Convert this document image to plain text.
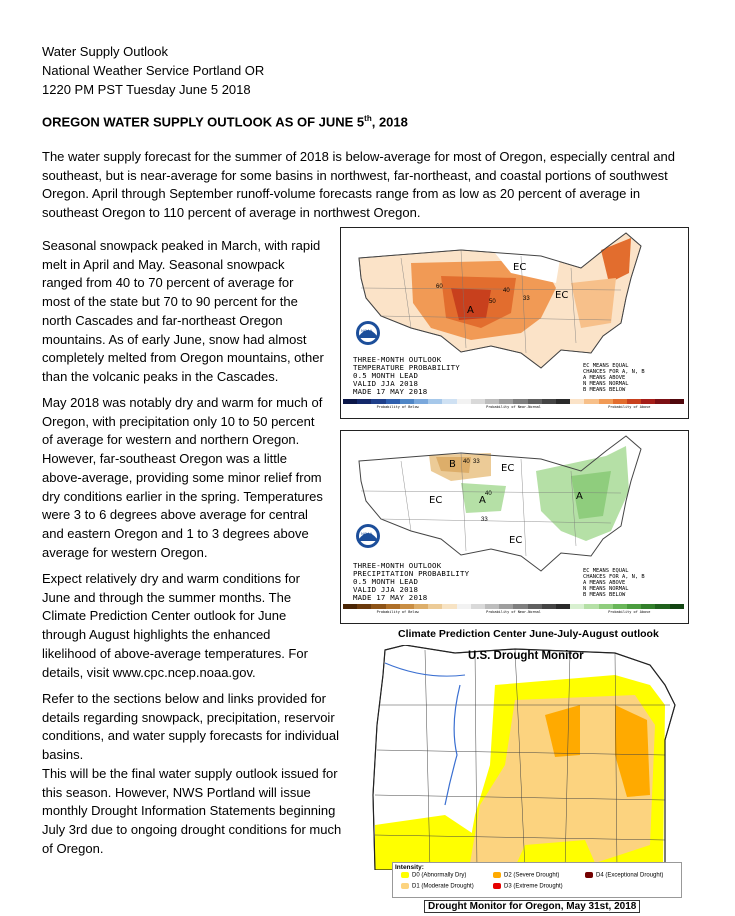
Water Supply Outlook
National Weather Service Portland OR
1220 PM PST Tuesday June 5 2018
OREGON WATER SUPPLY OUTLOOK AS OF JUNE 5th, 2018
The water supply forecast for the summer of 2018 is below-average for most of Oregon, especially central and southeast, but is near-average for some basins in northwest, far-northeast, and coastal portions of southwest Oregon. April through September runoff-volume forecasts range from as low as 20 percent of average in southeast Oregon to 110 percent of average in northwest Oregon.
Seasonal snowpack peaked in March, with rapid melt in April and May. Seasonal snowpack ranged from 40 to 70 percent of average for most of the state but 70 to 90 percent for the north Cascades and far-northeast Oregon mountains. As of early June, snow had almost completely melted from Oregon mountains, other than the volcanic peaks in the Cascades.
May 2018 was notably dry and warm for much of Oregon, with precipitation only 10 to 50 percent of average for western and northern Oregon. However, far-southeast Oregon was a little above-average, providing some minor relief from dry conditions earlier in the spring. Temperatures were 3 to 6 degrees above average for central and eastern Oregon and 1 to 3 degrees above average for western Oregon.
Expect relatively dry and warm conditions for June and through the summer months. The Climate Prediction Center outlook for June through August highlights the enhanced likelihood of above-average temperatures. For details, visit www.cpc.ncep.noaa.gov.
Refer to the sections below and links provided for details regarding snowpack, precipitation, reservoir conditions, and water supply forecasts for individual basins.
This will be the final water supply outlook issued for this season. However, NWS Portland will issue monthly Drought Information Statements beginning July 3rd due to ongoing drought conditions for much of Oregon.
EC
EC
A
60
50
40
33
NOAA
THREE-MONTH OUTLOOK
TEMPERATURE PROBABILITY
0.5 MONTH LEAD
VALID JJA 2018
MADE 17 MAY 2018
EC MEANS EQUAL
CHANCES FOR A, N, B
A MEANS ABOVE
N MEANS NORMAL
B MEANS BELOW
Probability of Below	Probability of Near-Normal	Probability of Above
B	EC
EC	A	A
EC
40 33
40
33
NOAA
THREE-MONTH OUTLOOK
PRECIPITATION PROBABILITY
0.5 MONTH LEAD
VALID JJA 2018
MADE 17 MAY 2018
EC MEANS EQUAL
CHANCES FOR A, N, B
A MEANS ABOVE
N MEANS NORMAL
B MEANS BELOW
Probability of Below	Probability of Near-Normal	Probability of Above
Climate Prediction Center June-July-August outlook
U.S. Drought Monitor
Intensity:
D0 (Abnormally Dry)
D1 (Moderate Drought)
D2 (Severe Drought)
D3 (Extreme Drought)
D4 (Exceptional Drought)
Drought Monitor for Oregon, May 31st, 2018
